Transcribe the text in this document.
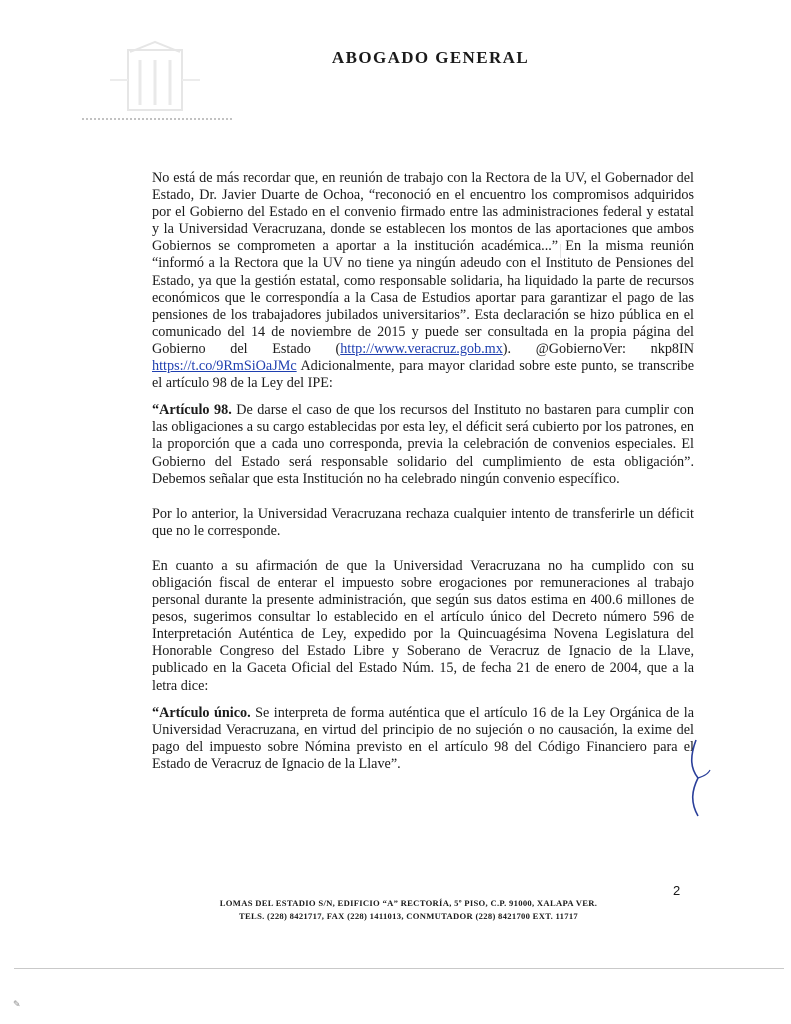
ABOGADO GENERAL

No está de más recordar que, en reunión de trabajo con la Rectora de la UV, el Gobernador del Estado, Dr. Javier Duarte de Ochoa, “reconoció en el encuentro los compromisos adquiridos por el Gobierno del Estado en el convenio firmado entre las administraciones federal y estatal y la Universidad Veracruzana, donde se establecen los montos de las aportaciones que ambos Gobiernos se comprometen a aportar a la institución académica...” En la misma reunión “informó a la Rectora que la UV no tiene ya ningún adeudo con el Instituto de Pensiones del Estado, ya que la gestión estatal, como responsable solidaria, ha liquidado la parte de recursos económicos que le correspondía a la Casa de Estudios aportar para garantizar el pago de las pensiones de los trabajadores jubilados universitarios”. Esta declaración se hizo pública en el comunicado del 14 de noviembre de 2015 y puede ser consultada en la propia página del Gobierno del Estado (http://www.veracruz.gob.mx). @GobiernoVer: nkp8IN https://t.co/9RmSiOaJMc Adicionalmente, para mayor claridad sobre este punto, se transcribe el artículo 98 de la Ley del IPE:

“Artículo 98. De darse el caso de que los recursos del Instituto no bastaren para cumplir con las obligaciones a su cargo establecidas por esta ley, el déficit será cubierto por los patrones, en la proporción que a cada uno corresponda, previa la celebración de convenios especiales. El Gobierno del Estado será responsable solidario del cumplimiento de esta obligación”. Debemos señalar que esta Institución no ha celebrado ningún convenio específico.

Por lo anterior, la Universidad Veracruzana rechaza cualquier intento de transferirle un déficit que no le corresponde.

En cuanto a su afirmación de que la Universidad Veracruzana no ha cumplido con su obligación fiscal de enterar el impuesto sobre erogaciones por remuneraciones al trabajo personal durante la presente administración, que según sus datos estima en 400.6 millones de pesos, sugerimos consultar lo establecido en el artículo único del Decreto número 596 de Interpretación Auténtica de Ley, expedido por la Quincuagésima Novena Legislatura del Honorable Congreso del Estado Libre y Soberano de Veracruz de Ignacio de la Llave, publicado en la Gaceta Oficial del Estado Núm. 15, de fecha 21 de enero de 2004, que a la letra dice:

“Artículo único. Se interpreta de forma auténtica que el artículo 16 de la Ley Orgánica de la Universidad Veracruzana, en virtud del principio de no sujeción o no causación, la exime del pago del impuesto sobre Nómina previsto en el artículo 98 del Código Financiero para el Estado de Veracruz de Ignacio de la Llave”.

2
LOMAS DEL ESTADIO S/N, EDIFICIO “A” RECTORÍA, 5º PISO, C.P. 91000, XALAPA VER.
TELS. (228) 8421717, FAX (228) 1411013, CONMUTADOR (228) 8421700 EXT. 11717
✎
